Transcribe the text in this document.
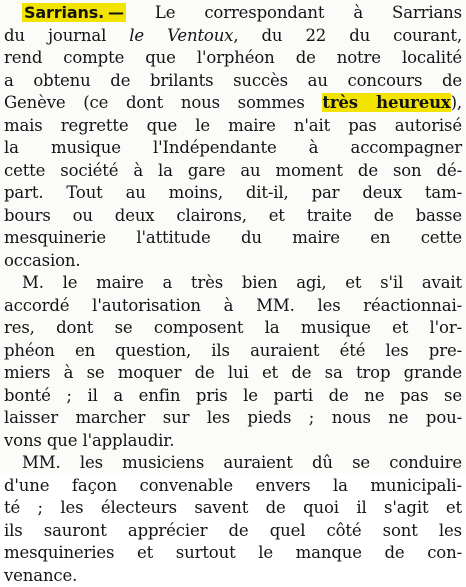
Sarrians. — Le correspondant à Sarrians
du journal le Ventoux, du 22 du courant,
rend compte que l'orphéon de notre localité
a obtenu de brilants succès au concours de
Genève (ce dont nous sommes très heureux),
mais regrette que le maire n'ait pas autorisé
la musique l'Indépendante à accompagner
cette société à la gare au moment de son dé-
part. Tout au moins, dit-il, par deux tam-
bours ou deux clairons, et traite de basse
mesquinerie l'attitude du maire en cette
occasion.
M. le maire a très bien agi, et s'il avait
accordé l'autorisation à MM. les réactionnai-
res, dont se composent la musique et l'or-
phéon en question, ils auraient été les pre-
miers à se moquer de lui et de sa trop grande
bonté ; il a enfin pris le parti de ne pas se
laisser marcher sur les pieds ; nous ne pou-
vons que l'applaudir.
MM. les musiciens auraient dû se conduire
d'une façon convenable envers la municipali-
té ; les électeurs savent de quoi il s'agit et
ils sauront apprécier de quel côté sont les
mesquineries et surtout le manque de con-
venance.
